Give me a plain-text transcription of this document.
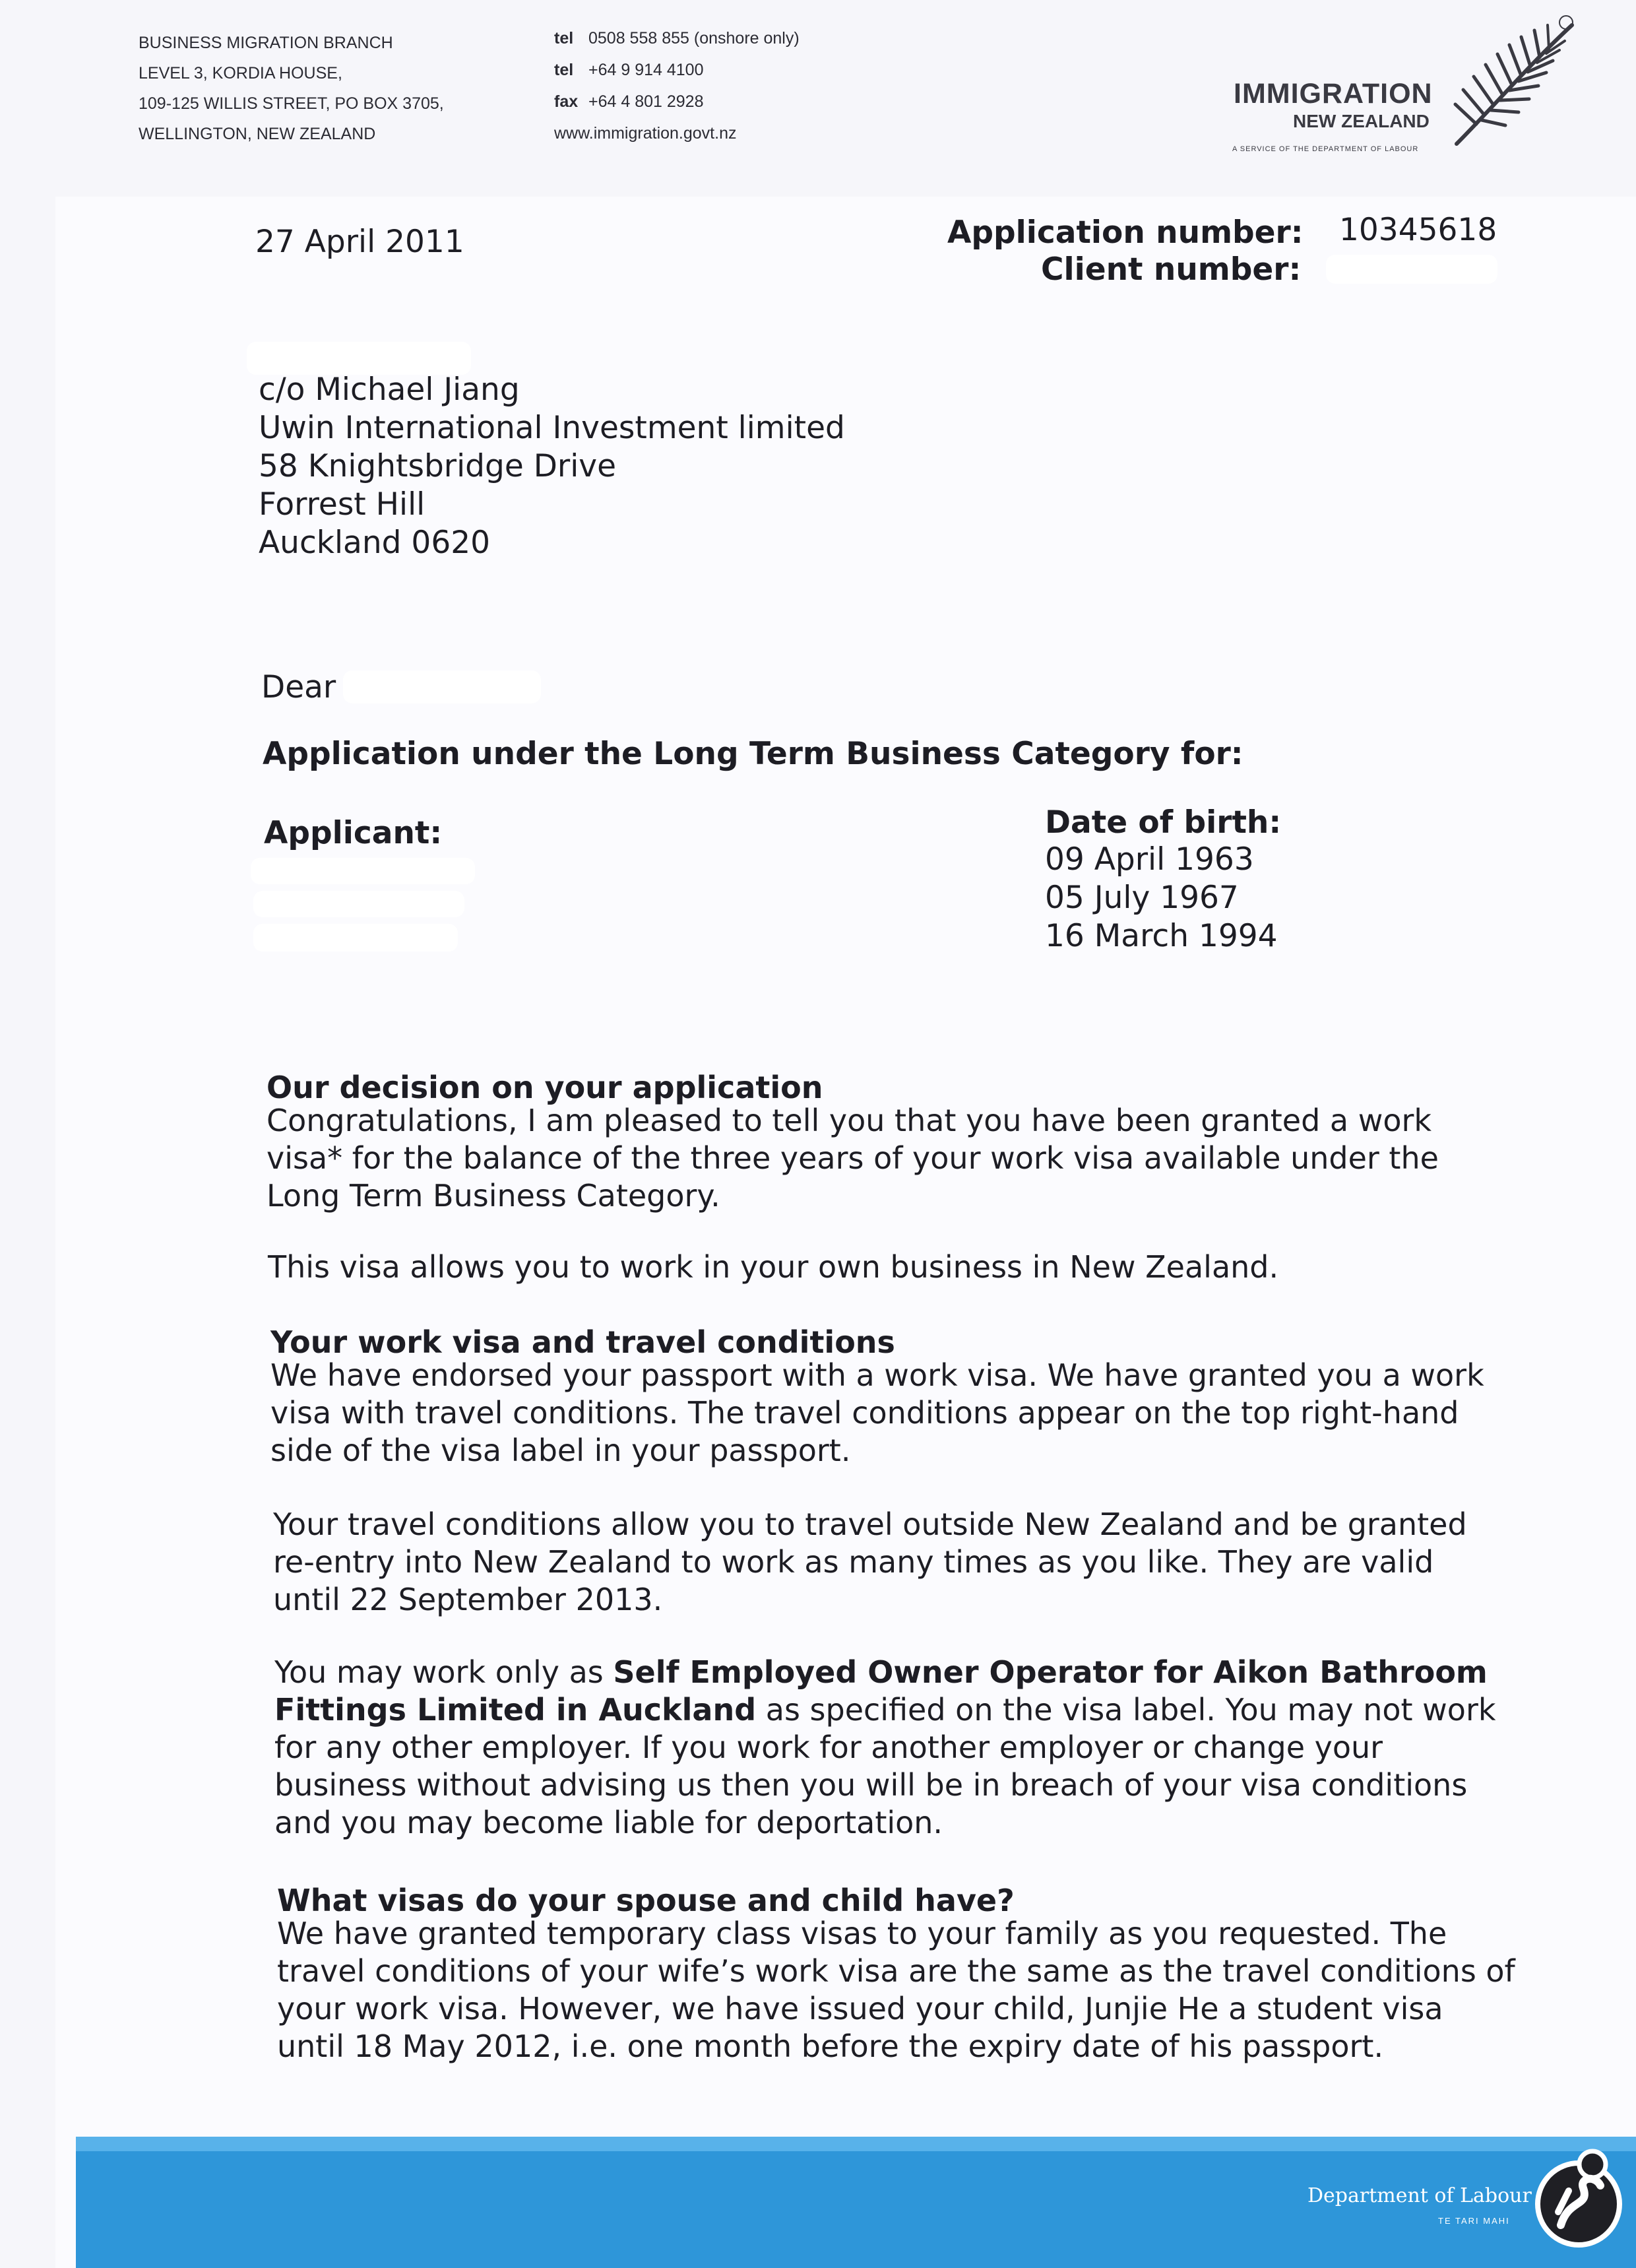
BUSINESS MIGRATION BRANCH
LEVEL 3, KORDIA HOUSE,
109-125 WILLIS STREET, PO BOX 3705,
WELLINGTON, NEW ZEALAND
tel 0508 558 855 (onshore only)
tel +64 9 914 4100
fax +64 4 801 2928
www.immigration.govt.nz
IMMIGRATION
NEW ZEALAND
A SERVICE OF THE DEPARTMENT OF LABOUR
27 April 2011	Application number: 10345618
Client number:
c/o Michael Jiang
Uwin International Investment limited
58 Knightsbridge Drive
Forrest Hill
Auckland 0620
Dear
Application under the Long Term Business Category for:
Applicant:	Date of birth:
09 April 1963
05 July 1967
16 March 1994
Our decision on your application
Congratulations, I am pleased to tell you that you have been granted a work
visa* for the balance of the three years of your work visa available under the
Long Term Business Category.
This visa allows you to work in your own business in New Zealand.
Your work visa and travel conditions
We have endorsed your passport with a work visa. We have granted you a work
visa with travel conditions. The travel conditions appear on the top right-hand
side of the visa label in your passport.
Your travel conditions allow you to travel outside New Zealand and be granted
re-entry into New Zealand to work as many times as you like. They are valid
until 22 September 2013.
You may work only as Self Employed Owner Operator for Aikon Bathroom
Fittings Limited in Auckland as specified on the visa label. You may not work
for any other employer. If you work for another employer or change your
business without advising us then you will be in breach of your visa conditions
and you may become liable for deportation.
What visas do your spouse and child have?
We have granted temporary class visas to your family as you requested. The
travel conditions of your wife’s work visa are the same as the travel conditions of
your work visa. However, we have issued your child, Junjie He a student visa
until 18 May 2012, i.e. one month before the expiry date of his passport.
Department of Labour
TE TARI MAHI
